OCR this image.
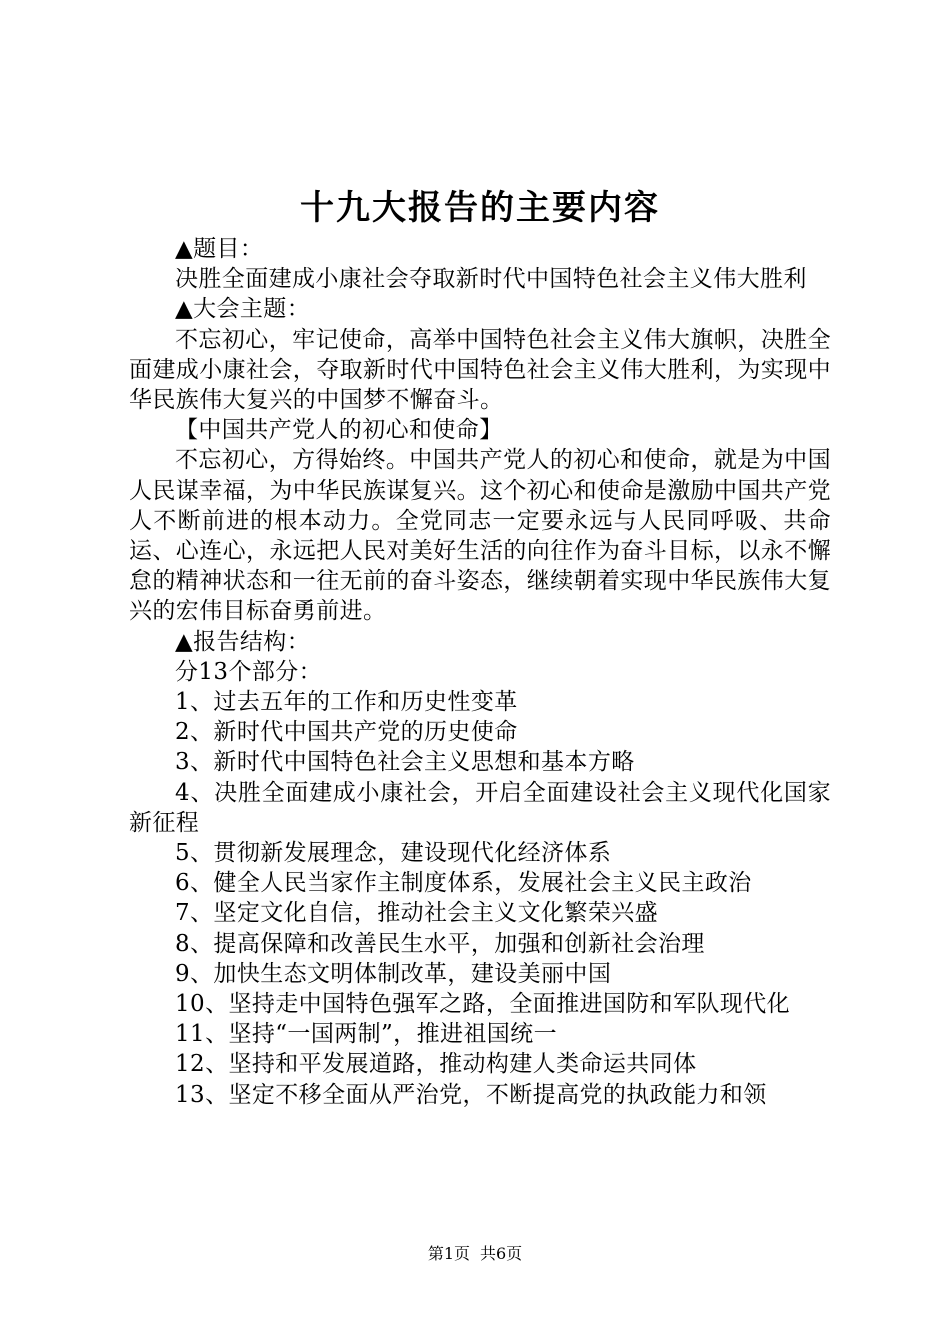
十九大报告的主要内容

▲题目：

决胜全面建成小康社会夺取新时代中国特色社会主义伟大胜利

▲大会主题：

不忘初心，牢记使命，高举中国特色社会主义伟大旗帜，决胜全面建成小康社会，夺取新时代中国特色社会主义伟大胜利，为实现中华民族伟大复兴的中国梦不懈奋斗。

【中国共产党人的初心和使命】

不忘初心，方得始终。中国共产党人的初心和使命，就是为中国人民谋幸福，为中华民族谋复兴。这个初心和使命是激励中国共产党人不断前进的根本动力。全党同志一定要永远与人民同呼吸、共命运、心连心，永远把人民对美好生活的向往作为奋斗目标，以永不懈怠的精神状态和一往无前的奋斗姿态，继续朝着实现中华民族伟大复兴的宏伟目标奋勇前进。

▲报告结构：

分13个部分：

1、过去五年的工作和历史性变革

2、新时代中国共产党的历史使命

3、新时代中国特色社会主义思想和基本方略

4、决胜全面建成小康社会，开启全面建设社会主义现代化国家新征程

5、贯彻新发展理念，建设现代化经济体系

6、健全人民当家作主制度体系，发展社会主义民主政治

7、坚定文化自信，推动社会主义文化繁荣兴盛

8、提高保障和改善民生水平，加强和创新社会治理

9、加快生态文明体制改革，建设美丽中国

10、坚持走中国特色强军之路，全面推进国防和军队现代化

11、坚持“一国两制”，推进祖国统一

12、坚持和平发展道路，推动构建人类命运共同体

13、坚定不移全面从严治党，不断提高党的执政能力和领

第1页 共6页
